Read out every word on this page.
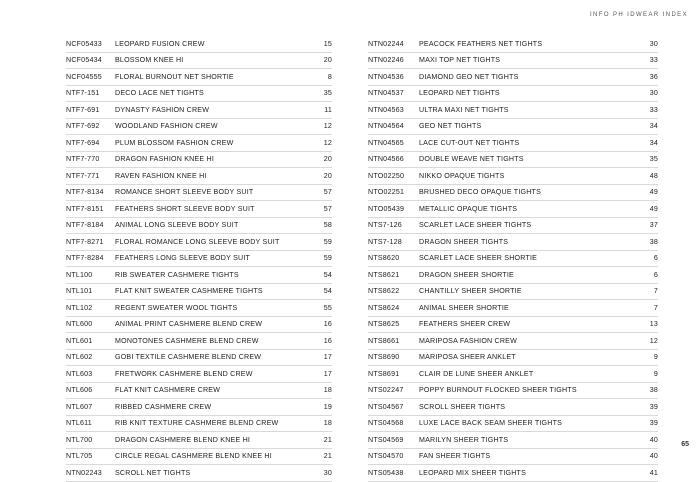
INFO PH IDWEAR INDEX
NCF05433	LEOPARD FUSION CREW	15
NCF05434	BLOSSOM KNEE HI	20
NCF04555	FLORAL BURNOUT NET SHORTIE	8
NTF7-151	DECO LACE NET TIGHTS	35
NTF7-691	DYNASTY FASHION CREW	11
NTF7-692	WOODLAND FASHION CREW	12
NTF7-694	PLUM BLOSSOM FASHION CREW	12
NTF7-770	DRAGON FASHION KNEE HI	20
NTF7-771	RAVEN FASHION KNEE HI	20
NTF7-8134	ROMANCE SHORT SLEEVE BODY SUIT	57
NTF7-8151	FEATHERS SHORT SLEEVE BODY SUIT	57
NTF7-8184	ANIMAL LONG SLEEVE BODY SUIT	58
NTF7-8271	FLORAL ROMANCE LONG SLEEVE BODY SUIT	59
NTF7-8284	FEATHERS LONG SLEEVE BODY SUIT	59
NTL100	RIB SWEATER CASHMERE TIGHTS	54
NTL101	FLAT KNIT SWEATER CASHMERE TIGHTS	54
NTL102	REGENT SWEATER WOOL TIGHTS	55
NTL600	ANIMAL PRINT CASHMERE BLEND CREW	16
NTL601	MONOTONES CASHMERE BLEND CREW	16
NTL602	GOBI TEXTILE CASHMERE BLEND CREW	17
NTL603	FRETWORK CASHMERE BLEND CREW	17
NTL606	FLAT KNIT CASHMERE CREW	18
NTL607	RIBBED CASHMERE CREW	19
NTL611	RIB KNIT TEXTURE CASHMERE BLEND CREW	18
NTL700	DRAGON CASHMERE BLEND KNEE HI	21
NTL705	CIRCLE REGAL CASHMERE BLEND KNEE HI	21
NTN02243	SCROLL NET TIGHTS	30
NTN02244	PEACOCK FEATHERS NET TIGHTS	30
NTN02246	MAXI TOP NET TIGHTS	33
NTN04536	DIAMOND GEO NET TIGHTS	36
NTN04537	LEOPARD NET TIGHTS	30
NTN04563	ULTRA MAXI NET TIGHTS	33
NTN04564	GEO NET TIGHTS	34
NTN04565	LACE CUT-OUT NET TIGHTS	34
NTN04566	DOUBLE WEAVE NET TIGHTS	35
NTO02250	NIKKO OPAQUE TIGHTS	48
NTO02251	BRUSHED DECO OPAQUE TIGHTS	49
NTO05439	METALLIC OPAQUE TIGHTS	49
NTS7-126	SCARLET LACE SHEER TIGHTS	37
NTS7-128	DRAGON SHEER TIGHTS	38
NTS8620	SCARLET LACE SHEER SHORTIE	6
NTS8621	DRAGON SHEER SHORTIE	6
NTS8622	CHANTILLY SHEER SHORTIE	7
NTS8624	ANIMAL SHEER SHORTIE	7
NTS8625	FEATHERS SHEER CREW	13
NTS8661	MARIPOSA FASHION CREW	12
NTS8690	MARIPOSA SHEER ANKLET	9
NTS8691	CLAIR DE LUNE SHEER ANKLET	9
NTS02247	POPPY BURNOUT FLOCKED SHEER TIGHTS	38
NTS04567	SCROLL SHEER TIGHTS	39
NTS04568	LUXE LACE BACK SEAM SHEER TIGHTS	39
NTS04569	MARILYN SHEER TIGHTS	40
NTS04570	FAN SHEER TIGHTS	40
NTS05438	LEOPARD MIX SHEER TIGHTS	41
65
